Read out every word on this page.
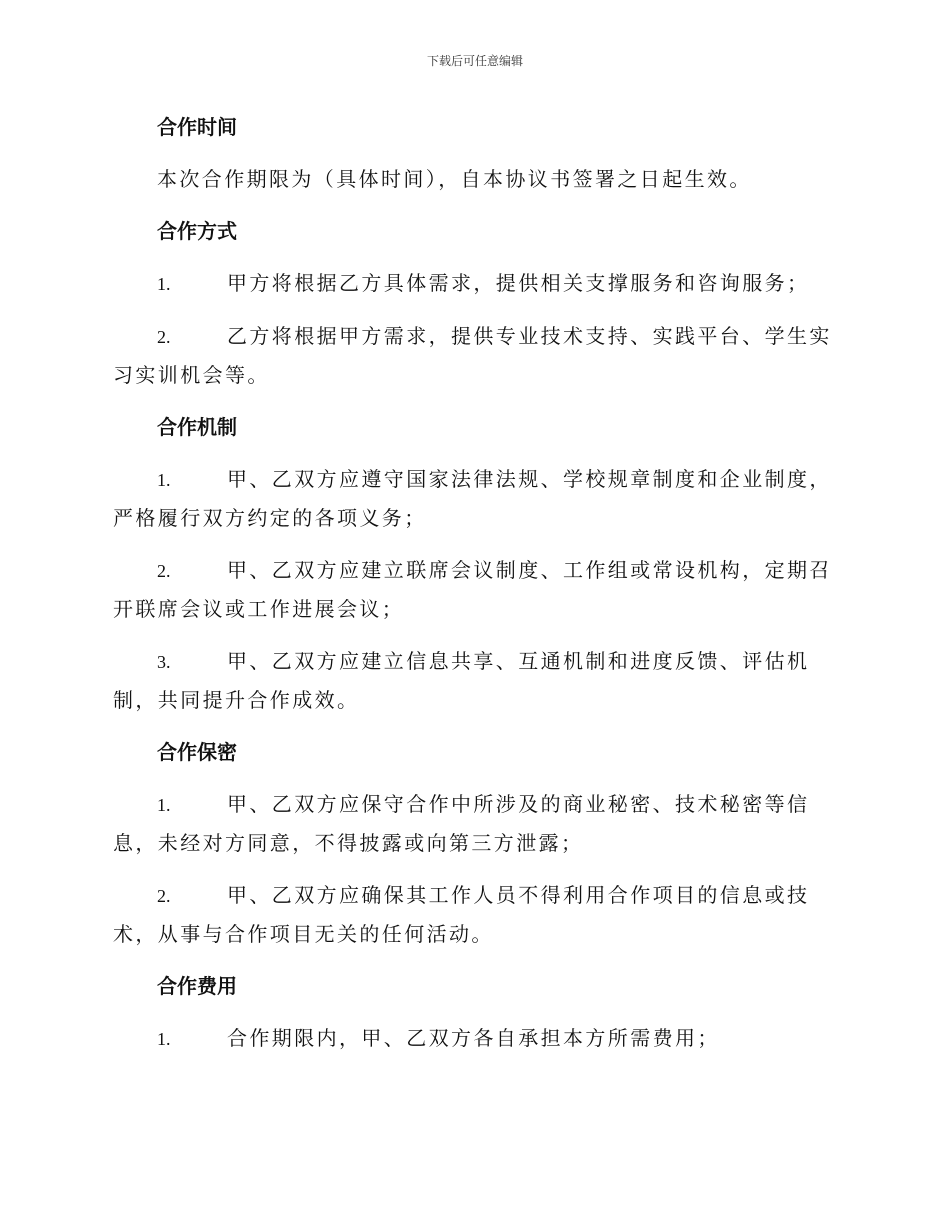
下载后可任意编辑
合作时间

本次合作期限为（具体时间），自本协议书签署之日起生效。

合作方式

1.	甲方将根据乙方具体需求，提供相关支撑服务和咨询服务；

2.	乙方将根据甲方需求，提供专业技术支持、实践平台、学生实习实训机会等。

合作机制

1.	甲、乙双方应遵守国家法律法规、学校规章制度和企业制度，严格履行双方约定的各项义务；

2.	甲、乙双方应建立联席会议制度、工作组或常设机构，定期召开联席会议或工作进展会议；

3.	甲、乙双方应建立信息共享、互通机制和进度反馈、评估机制，共同提升合作成效。

合作保密

1.	甲、乙双方应保守合作中所涉及的商业秘密、技术秘密等信息，未经对方同意，不得披露或向第三方泄露；

2.	甲、乙双方应确保其工作人员不得利用合作项目的信息或技术，从事与合作项目无关的任何活动。

合作费用

1.	合作期限内，甲、乙双方各自承担本方所需费用；
